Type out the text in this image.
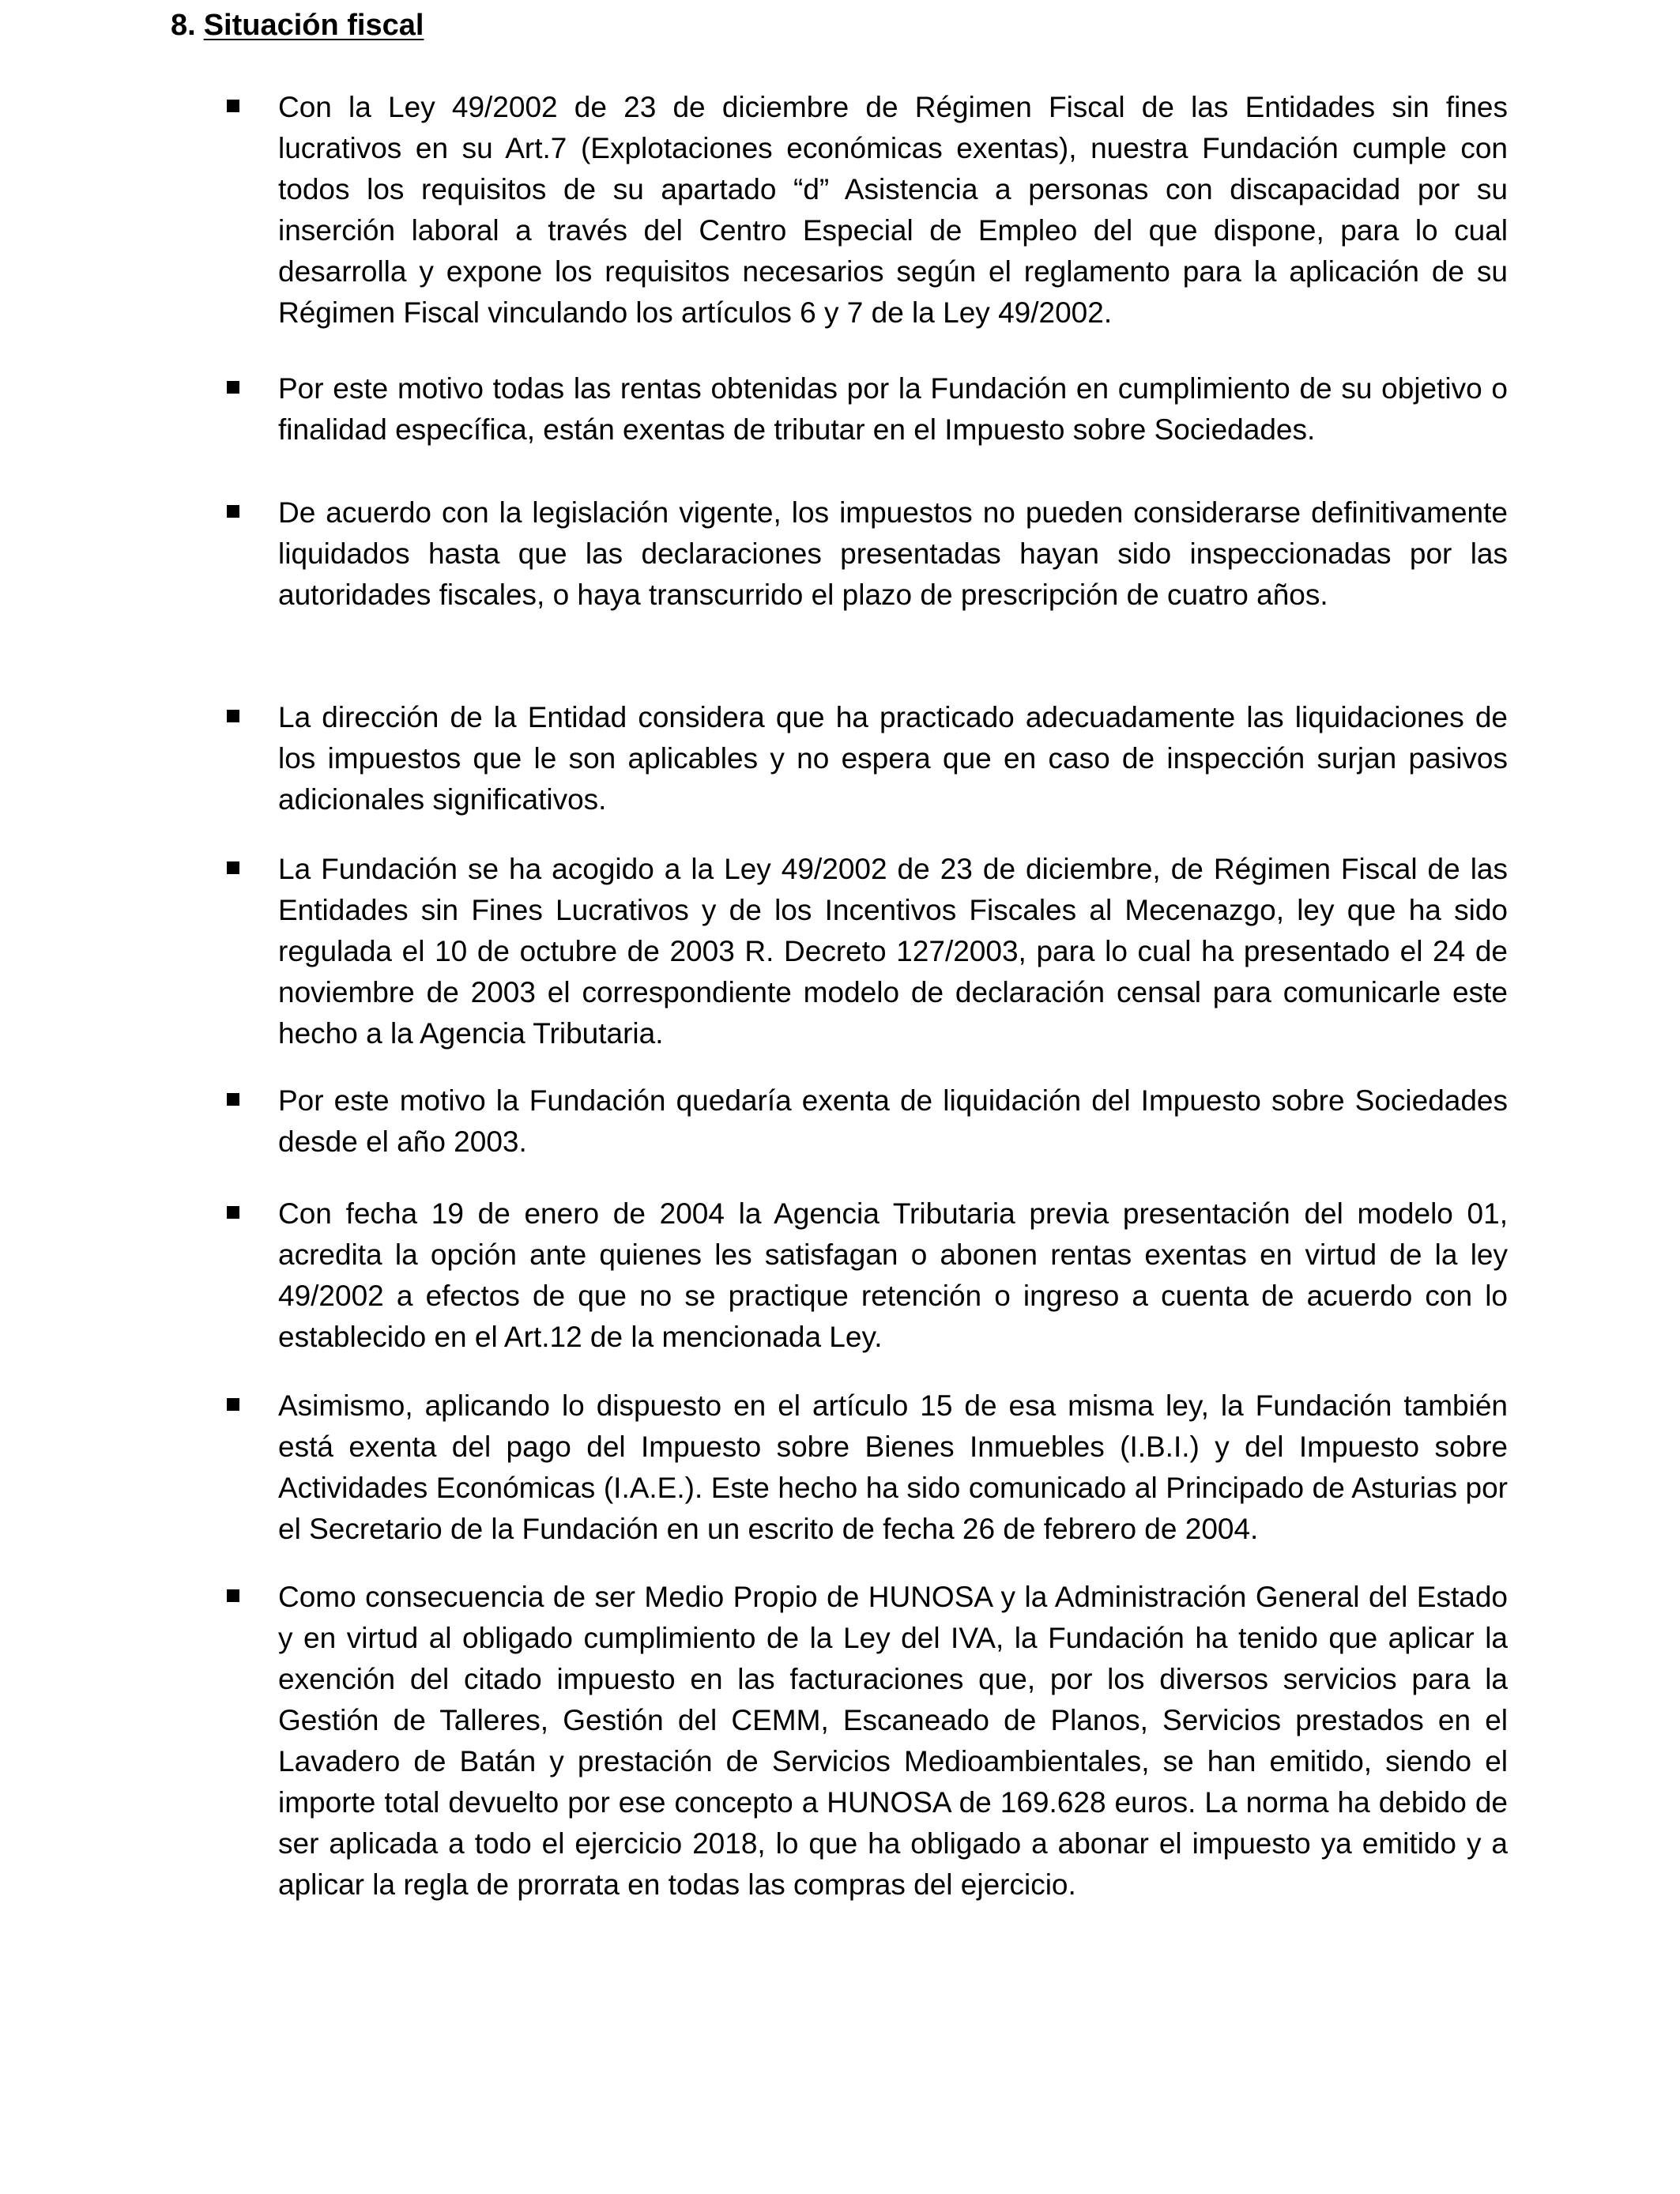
8. Situación fiscal
Con la Ley 49/2002 de 23 de diciembre de Régimen Fiscal de las Entidades sin fines lucrativos en su Art.7 (Explotaciones económicas exentas), nuestra Fundación cumple con todos los requisitos de su apartado “d” Asistencia a personas con discapacidad por su inserción laboral a través del Centro Especial de Empleo del que dispone, para lo cual desarrolla y expone los requisitos necesarios según el reglamento para la aplicación de su Régimen Fiscal vinculando los artículos 6 y 7 de la Ley 49/2002.
Por este motivo todas las rentas obtenidas por la Fundación en cumplimiento de su objetivo o finalidad específica, están exentas de tributar en el Impuesto sobre Sociedades.
De acuerdo con la legislación vigente, los impuestos no pueden considerarse definitivamente liquidados hasta que las declaraciones presentadas hayan sido inspeccionadas por las autoridades fiscales, o haya transcurrido el plazo de prescripción de cuatro años.
La dirección de la Entidad considera que ha practicado adecuadamente las liquidaciones de los impuestos que le son aplicables y no espera que en caso de inspección surjan pasivos adicionales significativos.
La Fundación se ha acogido a la Ley 49/2002 de 23 de diciembre, de Régimen Fiscal de las Entidades sin Fines Lucrativos y de los Incentivos Fiscales al Mecenazgo, ley que ha sido regulada el 10 de octubre de 2003 R. Decreto 127/2003, para lo cual ha presentado el 24 de noviembre de 2003 el correspondiente modelo de declaración censal para comunicarle este hecho a la Agencia Tributaria.
Por este motivo la Fundación quedaría exenta de liquidación del Impuesto sobre Sociedades desde el año 2003.
Con fecha 19 de enero de 2004 la Agencia Tributaria previa presentación del modelo 01, acredita la opción ante quienes les satisfagan o abonen rentas exentas en virtud de la ley 49/2002 a efectos de que no se practique retención o ingreso a cuenta de acuerdo con lo establecido en el Art.12 de la mencionada Ley.
Asimismo, aplicando lo dispuesto en el artículo 15 de esa misma ley, la Fundación también está exenta del pago del Impuesto sobre Bienes Inmuebles (I.B.I.) y del Impuesto sobre Actividades Económicas (I.A.E.). Este hecho ha sido comunicado al Principado de Asturias por el Secretario de la Fundación en un escrito de fecha 26 de febrero de 2004.
Como consecuencia de ser Medio Propio de HUNOSA y la Administración General del Estado y en virtud al obligado cumplimiento de la Ley del IVA, la Fundación ha tenido que aplicar la exención del citado impuesto en las facturaciones que, por los diversos servicios para la Gestión de Talleres, Gestión del CEMM, Escaneado de Planos, Servicios prestados en el Lavadero de Batán y prestación de Servicios Medioambientales, se han emitido, siendo el importe total devuelto por ese concepto a HUNOSA de 169.628 euros. La norma ha debido de ser aplicada a todo el ejercicio 2018, lo que ha obligado a abonar el impuesto ya emitido y a aplicar la regla de prorrata en todas las compras del ejercicio.
